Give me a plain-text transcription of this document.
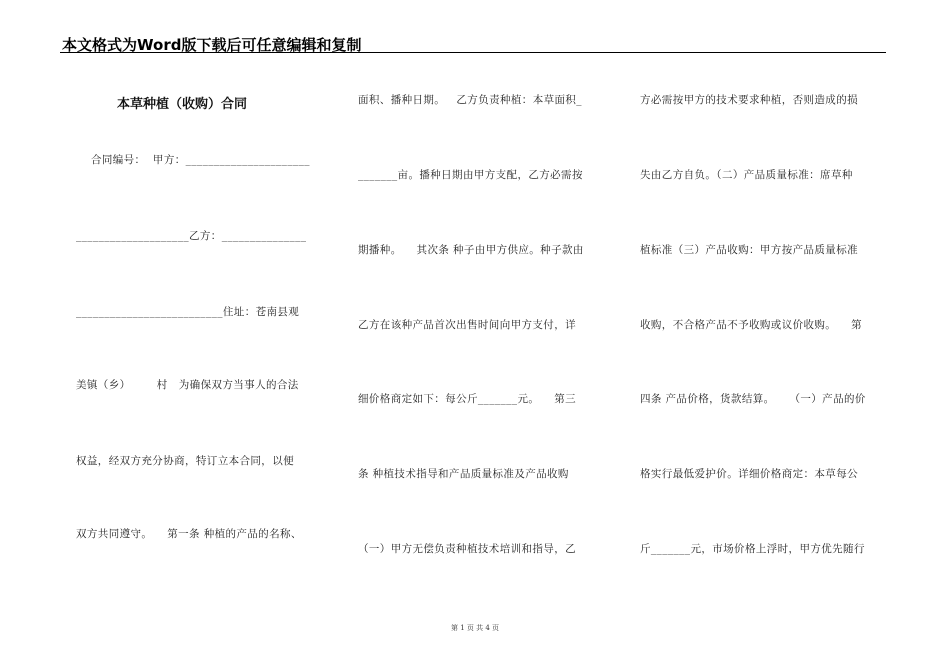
本文格式为Word版下载后可任意编辑和复制
本草种植（收购）合同
合同编号：  甲方：______________________
____________________乙方：_______________
__________________________住址：苍南县观
美镇（乡）       村   为确保双方当事人的合法
权益，经双方充分协商，特订立本合同，以便
双方共同遵守。    第一条 种植的产品的名称、
面积、播种日期。   乙方负责种植：本草面积_
_______亩。播种日期由甲方支配，乙方必需按
期播种。    其次条 种子由甲方供应。种子款由
乙方在该种产品首次出售时间向甲方支付，详
细价格商定如下：每公斤_______元。    第三
条 种植技术指导和产品质量标准及产品收购
（一）甲方无偿负责种植技术培训和指导，乙
方必需按甲方的技术要求种植，否则造成的损
失由乙方自负。（二）产品质量标准：席草种
植标准（三）产品收购：甲方按产品质量标准
收购，不合格产品不予收购或议价收购。    第
四条 产品价格，货款结算。    （一）产品的价
格实行最低爱护价。详细价格商定：本草每公
斤_______元，市场价格上浮时，甲方优先随行
第 1 页 共 4 页
